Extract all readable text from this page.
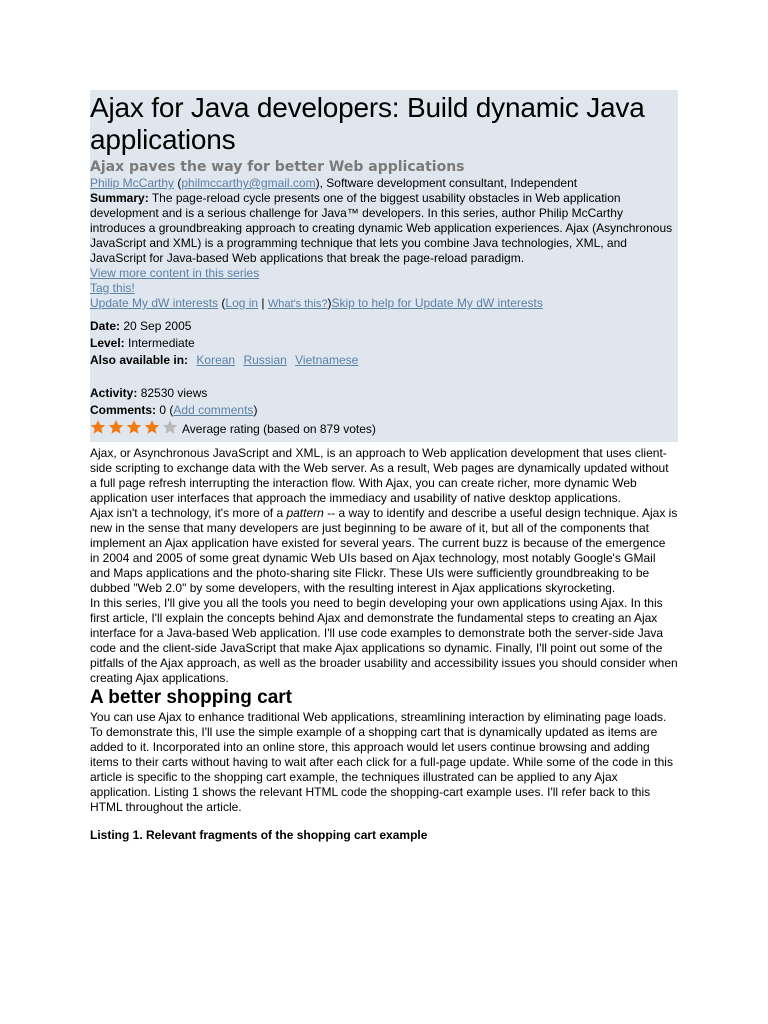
Ajax for Java developers: Build dynamic Java applications
Ajax paves the way for better Web applications
Philip McCarthy (philmccarthy@gmail.com), Software development consultant, Independent
Summary: The page-reload cycle presents one of the biggest usability obstacles in Web application development and is a serious challenge for Java™ developers. In this series, author Philip McCarthy introduces a groundbreaking approach to creating dynamic Web application experiences. Ajax (Asynchronous JavaScript and XML) is a programming technique that lets you combine Java technologies, XML, and JavaScript for Java-based Web applications that break the page-reload paradigm.
View more content in this series
Tag this!
Update My dW interests (Log in | What's this?)Skip to help for Update My dW interests
Date: 20 Sep 2005
Level: Intermediate
Also available in: Korean Russian Vietnamese
Activity: 82530 views
Comments: 0 (Add comments)
Average rating (based on 879 votes)

Ajax, or Asynchronous JavaScript and XML, is an approach to Web application development that uses client-side scripting to exchange data with the Web server. As a result, Web pages are dynamically updated without a full page refresh interrupting the interaction flow. With Ajax, you can create richer, more dynamic Web application user interfaces that approach the immediacy and usability of native desktop applications.

Ajax isn't a technology, it's more of a pattern -- a way to identify and describe a useful design technique. Ajax is new in the sense that many developers are just beginning to be aware of it, but all of the components that implement an Ajax application have existed for several years. The current buzz is because of the emergence in 2004 and 2005 of some great dynamic Web UIs based on Ajax technology, most notably Google's GMail and Maps applications and the photo-sharing site Flickr. These UIs were sufficiently groundbreaking to be dubbed "Web 2.0" by some developers, with the resulting interest in Ajax applications skyrocketing.

In this series, I'll give you all the tools you need to begin developing your own applications using Ajax. In this first article, I'll explain the concepts behind Ajax and demonstrate the fundamental steps to creating an Ajax interface for a Java-based Web application. I'll use code examples to demonstrate both the server-side Java code and the client-side JavaScript that make Ajax applications so dynamic. Finally, I'll point out some of the pitfalls of the Ajax approach, as well as the broader usability and accessibility issues you should consider when creating Ajax applications.

A better shopping cart

You can use Ajax to enhance traditional Web applications, streamlining interaction by eliminating page loads. To demonstrate this, I'll use the simple example of a shopping cart that is dynamically updated as items are added to it. Incorporated into an online store, this approach would let users continue browsing and adding items to their carts without having to wait after each click for a full-page update. While some of the code in this article is specific to the shopping cart example, the techniques illustrated can be applied to any Ajax application. Listing 1 shows the relevant HTML code the shopping-cart example uses. I'll refer back to this HTML throughout the article.

Listing 1. Relevant fragments of the shopping cart example
